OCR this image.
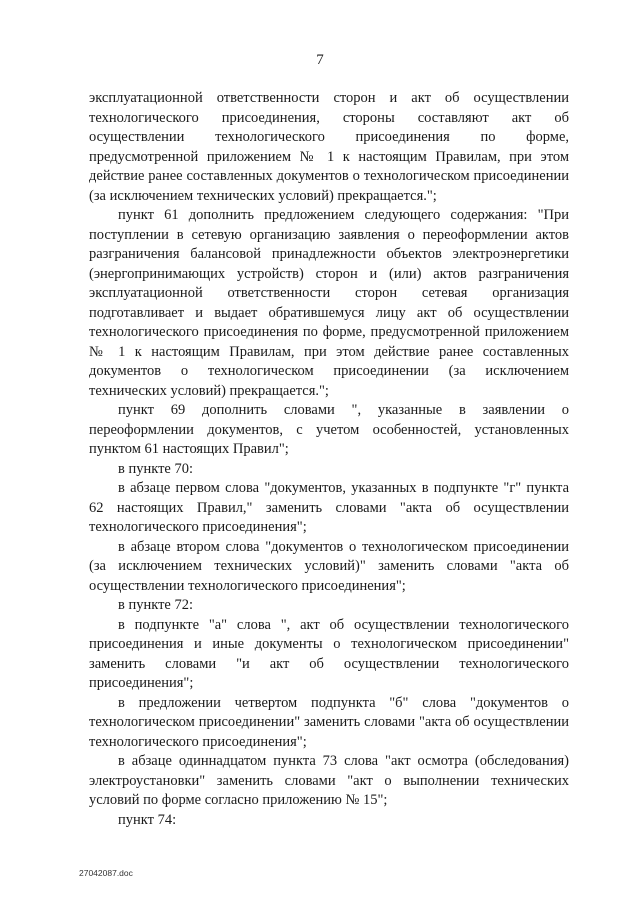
7

эксплуатационной ответственности сторон и акт об осуществлении технологического присоединения, стороны составляют акт об осуществлении технологического присоединения по форме, предусмотренной приложением № 1 к настоящим Правилам, при этом действие ранее составленных документов о технологическом присоединении (за исключением технических условий) прекращается.";

пункт 61 дополнить предложением следующего содержания: "При поступлении в сетевую организацию заявления о переоформлении актов разграничения балансовой принадлежности объектов электроэнергетики (энергопринимающих устройств) сторон и (или) актов разграничения эксплуатационной ответственности сторон сетевая организация подготавливает и выдает обратившемуся лицу акт об осуществлении технологического присоединения по форме, предусмотренной приложением № 1 к настоящим Правилам, при этом действие ранее составленных документов о технологическом присоединении (за исключением технических условий) прекращается.";

пункт 69 дополнить словами ", указанные в заявлении о переоформлении документов, с учетом особенностей, установленных пунктом 61 настоящих Правил";

в пункте 70:

в абзаце первом слова "документов, указанных в подпункте "г" пункта 62 настоящих Правил," заменить словами "акта об осуществлении технологического присоединения";

в абзаце втором слова "документов о технологическом присоединении (за исключением технических условий)" заменить словами "акта об осуществлении технологического присоединения";

в пункте 72:

в подпункте "а" слова ", акт об осуществлении технологического присоединения и иные документы о технологическом присоединении" заменить словами "и акт об осуществлении технологического присоединения";

в предложении четвертом подпункта "б" слова "документов о технологическом присоединении" заменить словами "акта об осуществлении технологического присоединения";

в абзаце одиннадцатом пункта 73 слова "акт осмотра (обследования) электроустановки" заменить словами "акт о выполнении технических условий по форме согласно приложению № 15";

пункт 74:

27042087.doc
